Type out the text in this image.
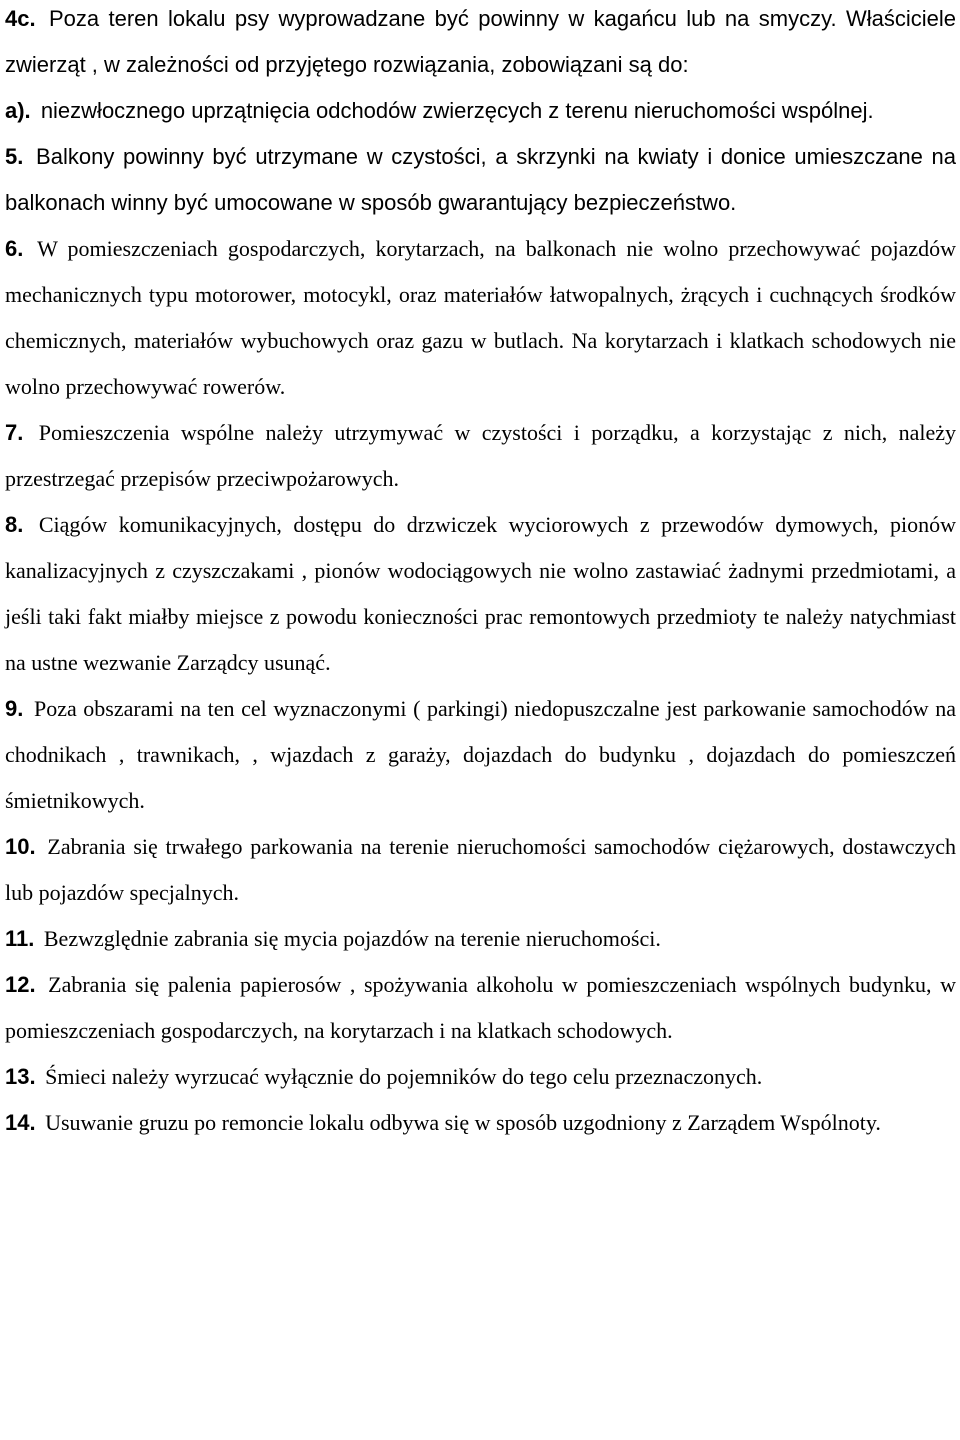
4c. Poza teren lokalu psy wyprowadzane być powinny w kagańcu lub na smyczy. Właściciele zwierząt , w zależności od przyjętego rozwiązania, zobowiązani są do:

a). niezwłocznego uprzątnięcia odchodów zwierzęcych z terenu nieruchomości wspólnej.

5. Balkony powinny być utrzymane w czystości, a skrzynki na kwiaty i donice umieszczane na balkonach winny być umocowane w sposób gwarantujący bezpieczeństwo.

6. W pomieszczeniach gospodarczych, korytarzach, na balkonach nie wolno przechowywać pojazdów mechanicznych typu motorower, motocykl, oraz materiałów łatwopalnych, żrących i cuchnących środków chemicznych, materiałów wybuchowych oraz gazu w butlach. Na korytarzach i klatkach schodowych nie wolno przechowywać rowerów.

7. Pomieszczenia wspólne należy utrzymywać w czystości i porządku, a korzystając z nich, należy przestrzegać przepisów przeciwpożarowych.

8. Ciągów komunikacyjnych, dostępu do drzwiczek wyciorowych z przewodów dymowych, pionów kanalizacyjnych z czyszczakami , pionów wodociągowych nie wolno zastawiać żadnymi przedmiotami, a jeśli taki fakt miałby miejsce z powodu konieczności prac remontowych przedmioty te należy natychmiast na ustne wezwanie Zarządcy usunąć.

9. Poza obszarami na ten cel wyznaczonymi ( parkingi) niedopuszczalne jest parkowanie samochodów na chodnikach , trawnikach, , wjazdach z garaży, dojazdach do budynku , dojazdach do pomieszczeń śmietnikowych.

10. Zabrania się trwałego parkowania na terenie nieruchomości samochodów ciężarowych, dostawczych lub pojazdów specjalnych.

11. Bezwzględnie zabrania się mycia pojazdów na terenie nieruchomości.

12. Zabrania się palenia papierosów , spożywania alkoholu w pomieszczeniach wspólnych budynku, w pomieszczeniach gospodarczych, na korytarzach i na klatkach schodowych.

13. Śmieci należy wyrzucać wyłącznie do pojemników do tego celu przeznaczonych.

14. Usuwanie gruzu po remoncie lokalu odbywa się w sposób uzgodniony z Zarządem Wspólnoty.
